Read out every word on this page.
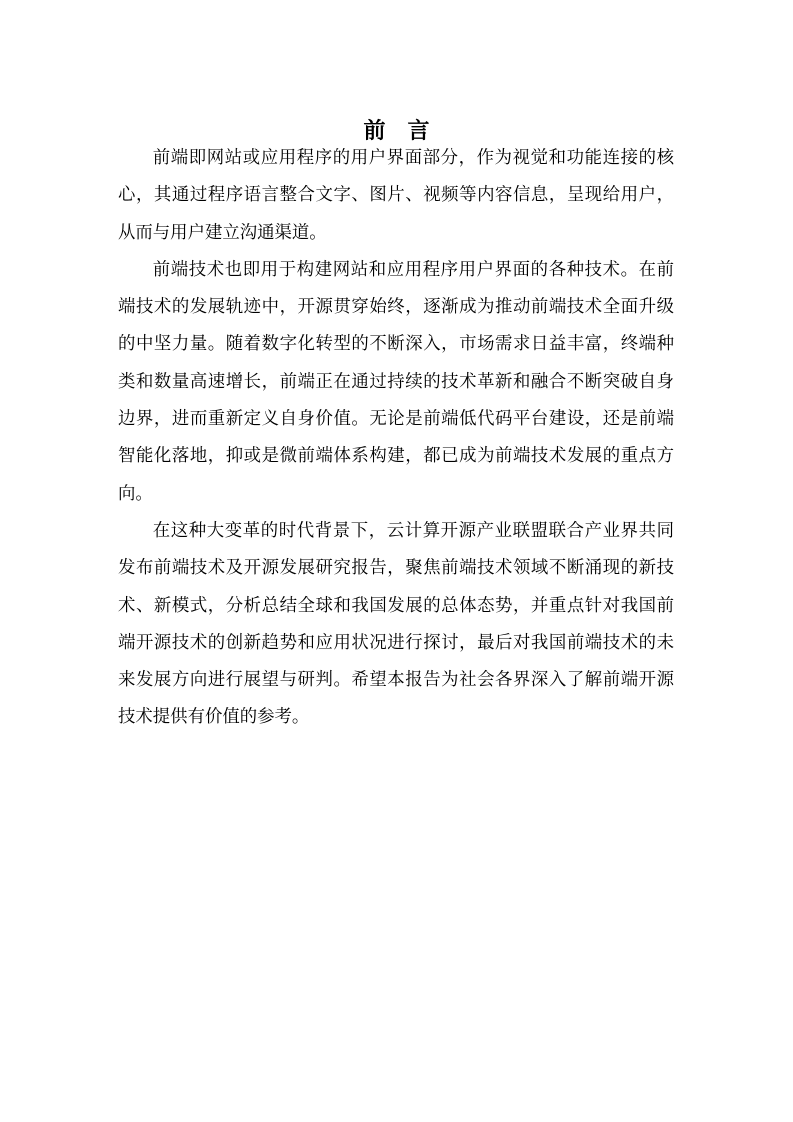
前言

前端即网站或应用程序的用户界面部分，作为视觉和功能连接的核心，其通过程序语言整合文字、图片、视频等内容信息，呈现给用户，从而与用户建立沟通渠道。

前端技术也即用于构建网站和应用程序用户界面的各种技术。在前端技术的发展轨迹中，开源贯穿始终，逐渐成为推动前端技术全面升级的中坚力量。随着数字化转型的不断深入，市场需求日益丰富，终端种类和数量高速增长，前端正在通过持续的技术革新和融合不断突破自身边界，进而重新定义自身价值。无论是前端低代码平台建设，还是前端智能化落地，抑或是微前端体系构建，都已成为前端技术发展的重点方向。

在这种大变革的时代背景下，云计算开源产业联盟联合产业界共同发布前端技术及开源发展研究报告，聚焦前端技术领域不断涌现的新技术、新模式，分析总结全球和我国发展的总体态势，并重点针对我国前端开源技术的创新趋势和应用状况进行探讨，最后对我国前端技术的未来发展方向进行展望与研判。希望本报告为社会各界深入了解前端开源技术提供有价值的参考。
